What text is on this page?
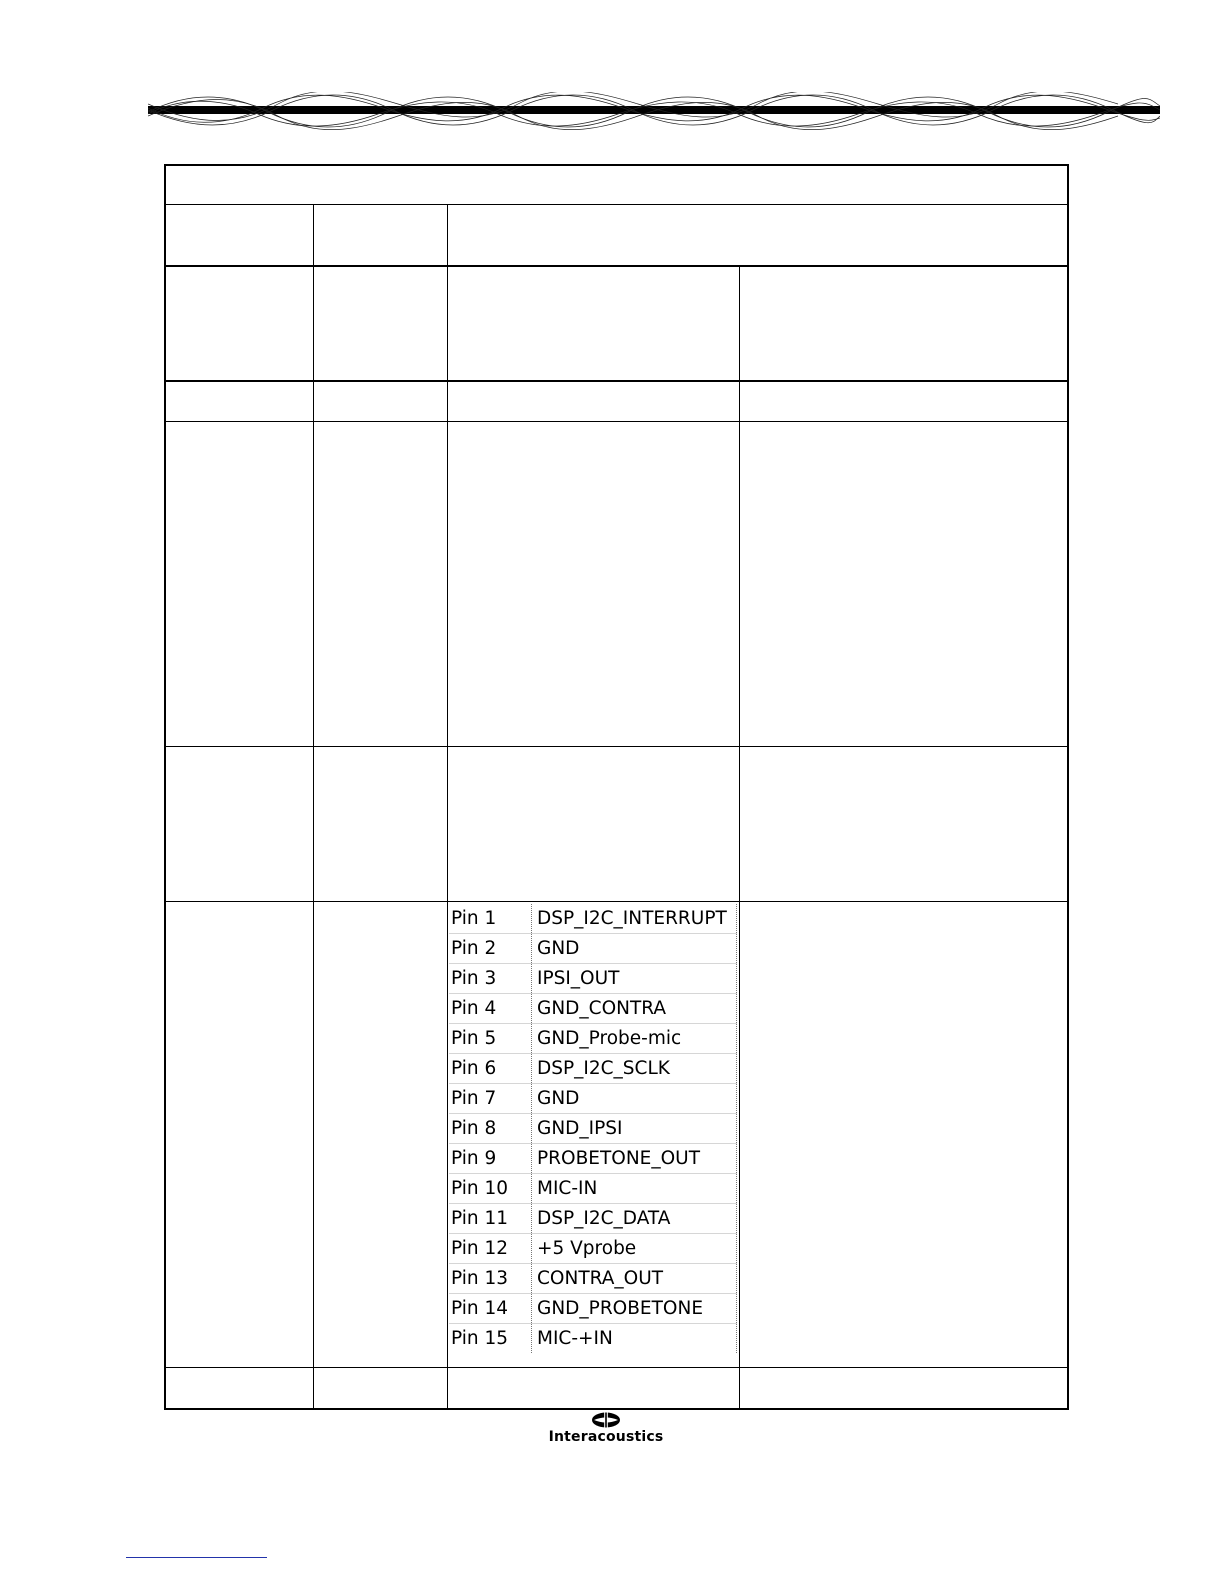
Pin 1	DSP_I2C_INTERRUPT
Pin 2	GND
Pin 3	IPSI_OUT
Pin 4	GND_CONTRA
Pin 5	GND_Probe-mic
Pin 6	DSP_I2C_SCLK
Pin 7	GND
Pin 8	GND_IPSI
Pin 9	PROBETONE_OUT
Pin 10	MIC-IN
Pin 11	DSP_I2C_DATA
Pin 12	+5 Vprobe
Pin 13	CONTRA_OUT
Pin 14	GND_PROBETONE
Pin 15	MIC-+IN
Interacoustics
